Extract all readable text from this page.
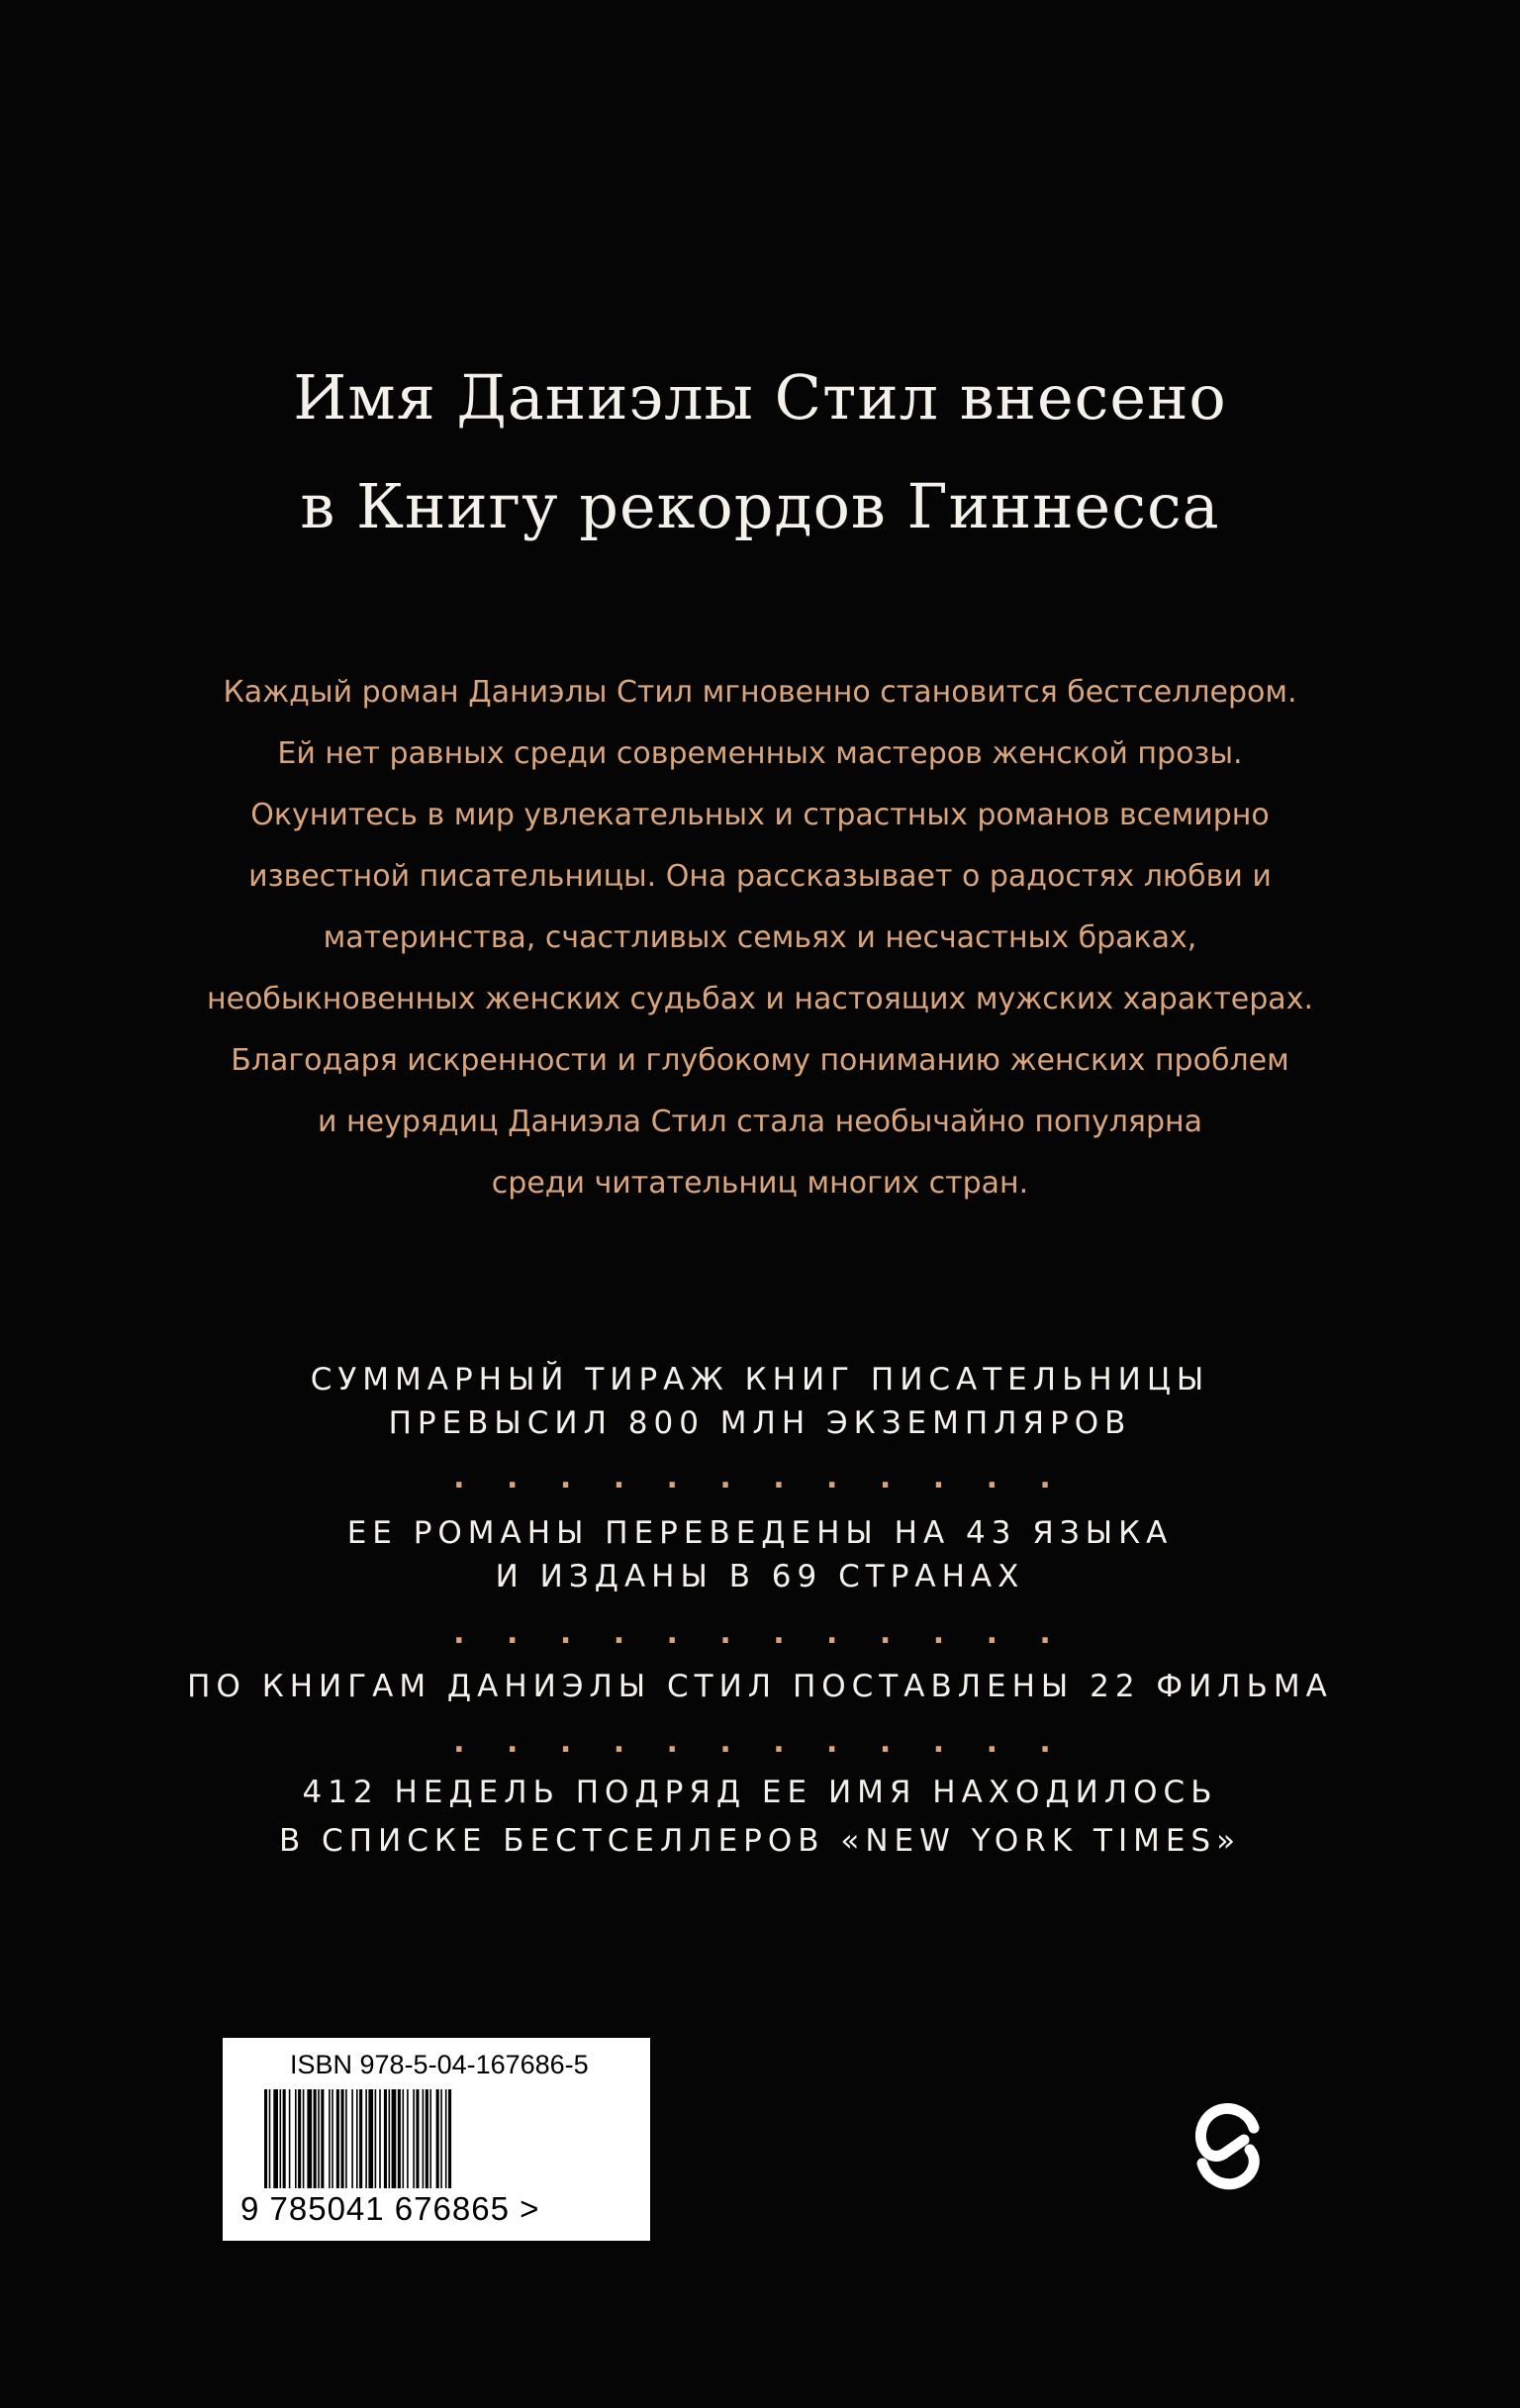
Имя Даниэлы Стил внесено
в Книгу рекордов Гиннесса
Каждый роман Даниэлы Стил мгновенно становится бестселлером.
Ей нет равных среди современных мастеров женской прозы.
Окунитесь в мир увлекательных и страстных романов всемирно
известной писательницы. Она рассказывает о радостях любви и
материнства, счастливых семьях и несчастных браках,
необыкновенных женских судьбах и настоящих мужских характерах.
Благодаря искренности и глубокому пониманию женских проблем
и неурядиц Даниэла Стил стала необычайно популярна
среди читательниц многих стран.
СУММАРНЫЙ ТИРАЖ КНИГ ПИСАТЕЛЬНИЦЫ
ПРЕВЫСИЛ 800 МЛН ЭКЗЕМПЛЯРОВ
. . . . . . . . . . . .
ЕЕ РОМАНЫ ПЕРЕВЕДЕНЫ НА 43 ЯЗЫКА
И ИЗДАНЫ В 69 СТРАНАХ
. . . . . . . . . . . .
ПО КНИГАМ ДАНИЭЛЫ СТИЛ ПОСТАВЛЕНЫ 22 ФИЛЬМА
. . . . . . . . . . . .
412 НЕДЕЛЬ ПОДРЯД ЕЕ ИМЯ НАХОДИЛОСЬ
В СПИСКЕ БЕСТСЕЛЛЕРОВ «NEW YORK TIMES»
ISBN 978-5-04-167686-5
9 785041 676865 >
